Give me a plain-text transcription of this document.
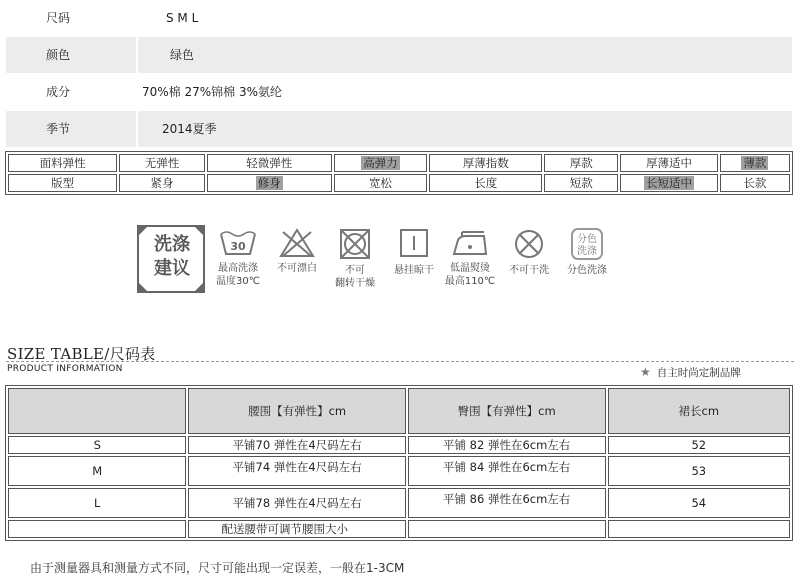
尺码	S M L
颜色	绿色
成分	70%棉 27%锦棉 3%氨纶
季节	2014夏季
面料弹性	无弹性	轻微弹性	高弹力	厚薄指数	厚款	厚薄适中	薄款
版型	紧身	修身	宽松	长度	短款	长短适中	长款
洗涤
建议
30
最高洗涤
温度30℃
不可漂白	不可
翻转干燥
悬挂晾干	低温熨烫
最高110℃
不可干洗
分色
洗涤
分色洗涤
SIZE TABLE/尺码表
PRODUCT INFORMATION	★ 自主时尚定制品牌
	腰围【有弹性】cm	臀围【有弹性】cm	裙长cm
S	平铺70 弹性在4尺码左右	平铺 82 弹性在6cm左右	52
M	平铺74 弹性在4尺码左右	平铺 84 弹性在6cm左右	53
L	平铺78 弹性在4尺码左右	平铺 86 弹性在6cm左右	54
	配送腰带可调节腰围大小		
由于测量器具和测量方式不同，尺寸可能出现一定误差，一般在1-3CM
